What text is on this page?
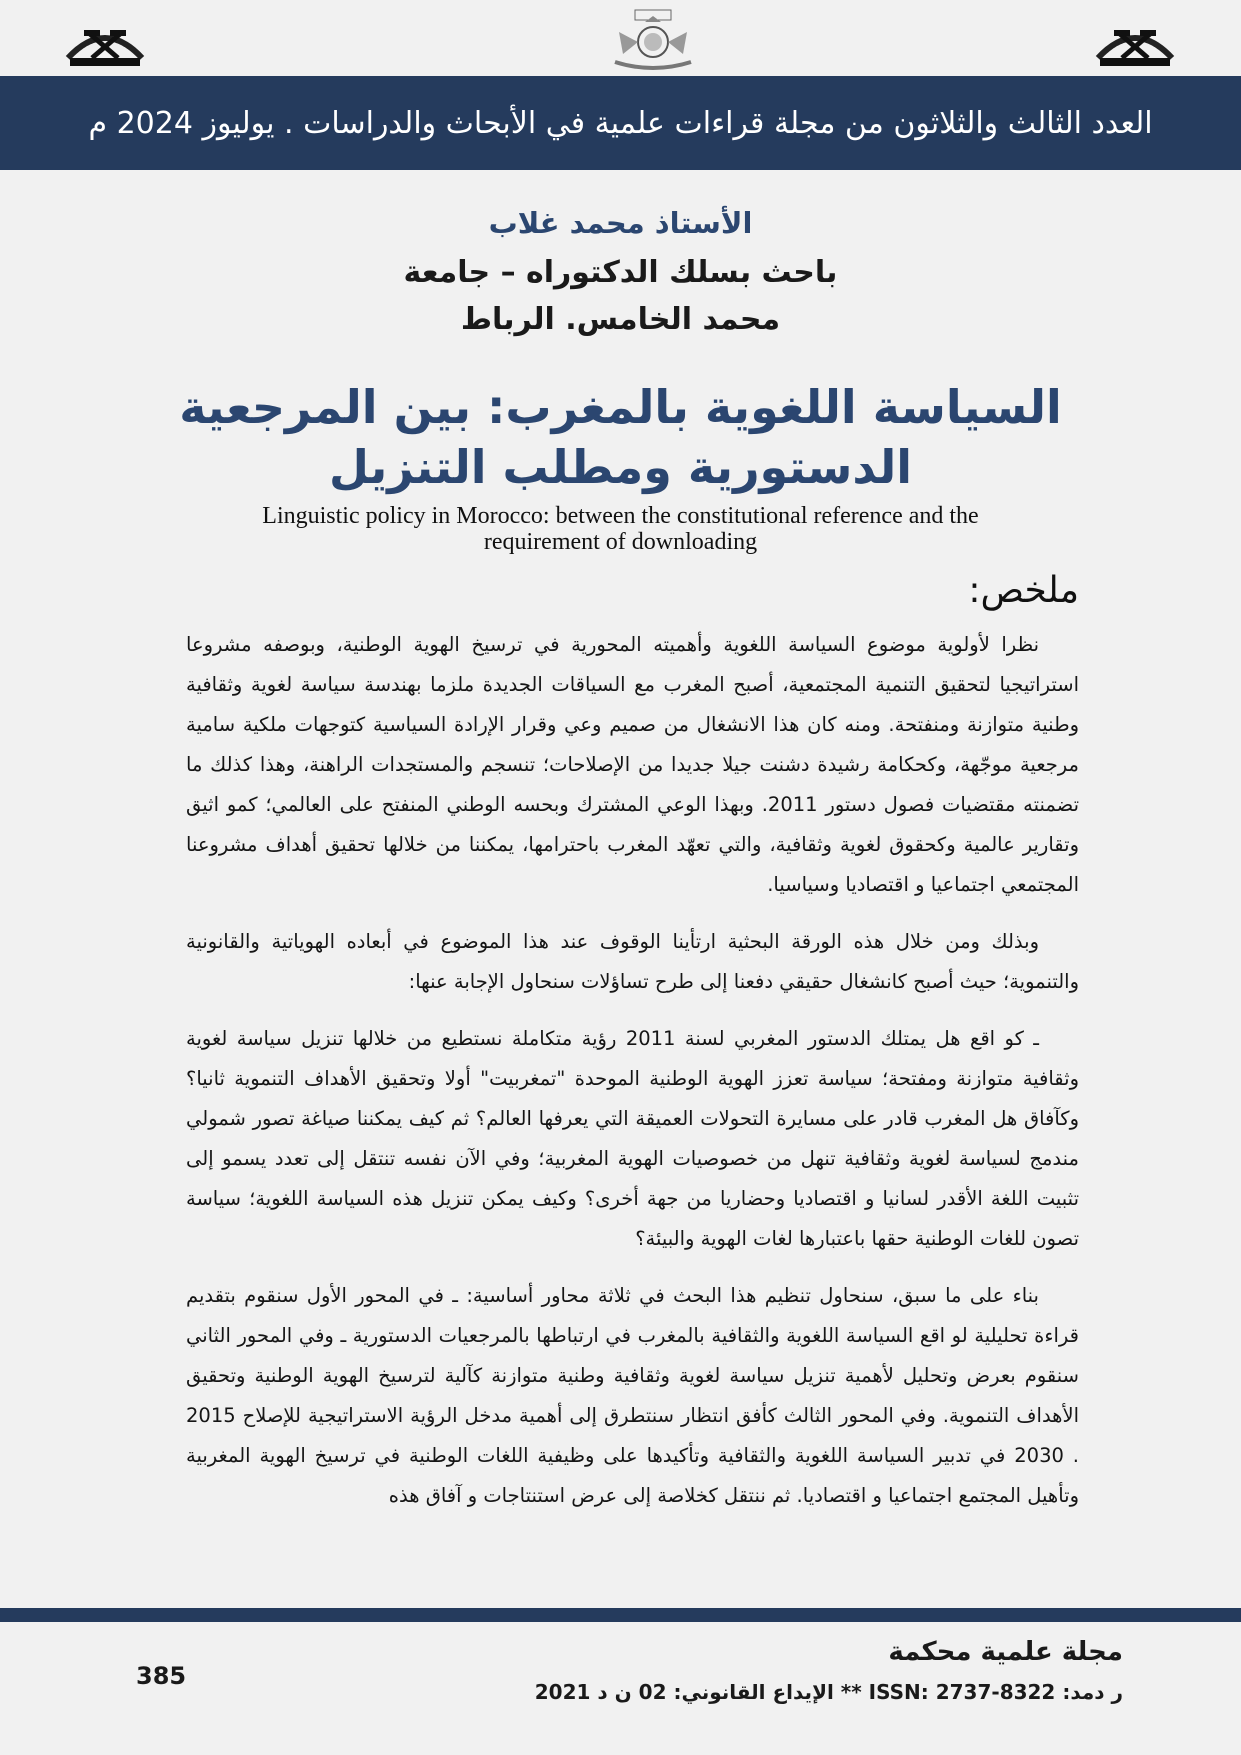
العدد الثالث والثلاثون من مجلة قراءات علمية في الأبحاث والدراسات . يوليوز 2024 م
الأستاذ محمد غلاب
باحث بسلك الدكتوراه – جامعة
محمد الخامس. الرباط
السياسة اللغوية بالمغرب: بين المرجعية
الدستورية ومطلب التنزيل
Linguistic policy in Morocco: between the constitutional reference and the
requirement of downloading
ملخص:

نظرا لأولوية موضوع السياسة اللغوية وأهميته المحورية في ترسيخ الهوية الوطنية، وبوصفه مشروعا استراتيجيا لتحقيق التنمية المجتمعية، أصبح المغرب مع السياقات الجديدة ملزما بهندسة سياسة لغوية وثقافية وطنية متوازنة ومنفتحة. ومنه كان هذا الانشغال من صميم وعي وقرار الإرادة السياسية كتوجهات ملكية سامية مرجعية موجّهة، وكحكامة رشيدة دشنت جيلا جديدا من الإصلاحات؛ تنسجم والمستجدات الراهنة، وهذا كذلك ما تضمنته مقتضيات فصول دستور 2011. وبهذا الوعي المشترك وبحسه الوطني المنفتح على العالمي؛ كمو اثيق وتقارير عالمية وكحقوق لغوية وثقافية، والتي تعهّد المغرب باحترامها، يمكننا من خلالها تحقيق أهداف مشروعنا المجتمعي اجتماعيا و اقتصاديا وسياسيا.

وبذلك ومن خلال هذه الورقة البحثية ارتأينا الوقوف عند هذا الموضوع في أبعاده الهوياتية والقانونية والتنموية؛ حيث أصبح كانشغال حقيقي دفعنا إلى طرح تساؤلات سنحاول الإجابة عنها:

ـ كو اقع هل يمتلك الدستور المغربي لسنة 2011 رؤية متكاملة نستطيع من خلالها تنزيل سياسة لغوية وثقافية متوازنة ومفتحة؛ سياسة تعزز الهوية الوطنية الموحدة "تمغربيت" أولا وتحقيق الأهداف التنموية ثانيا؟ وكآفاق هل المغرب قادر على مسايرة التحولات العميقة التي يعرفها العالم؟ ثم كيف يمكننا صياغة تصور شمولي مندمج لسياسة لغوية وثقافية تنهل من خصوصيات الهوية المغربية؛ وفي الآن نفسه تنتقل إلى تعدد يسمو إلى تثبيت اللغة الأقدر لسانيا و اقتصاديا وحضاريا من جهة أخرى؟ وكيف يمكن تنزيل هذه السياسة اللغوية؛ سياسة تصون للغات الوطنية حقها باعتبارها لغات الهوية والبيئة؟

بناء على ما سبق، سنحاول تنظيم هذا البحث في ثلاثة محاور أساسية: ـ في المحور الأول سنقوم بتقديم قراءة تحليلية لو اقع السياسة اللغوية والثقافية بالمغرب في ارتباطها بالمرجعيات الدستورية ـ وفي المحور الثاني سنقوم بعرض وتحليل لأهمية تنزيل سياسة لغوية وثقافية وطنية متوازنة كآلية لترسيخ الهوية الوطنية وتحقيق الأهداف التنموية. وفي المحور الثالث كأفق انتظار سنتطرق إلى أهمية مدخل الرؤية الاستراتيجية للإصلاح 2015 . 2030 في تدبير السياسة اللغوية والثقافية وتأكيدها على وظيفية اللغات الوطنية في ترسيخ الهوية المغربية وتأهيل المجتمع اجتماعيا و اقتصاديا. ثم ننتقل كخلاصة إلى عرض استنتاجات و آفاق هذه

مجلة علمية محكمة
ر دمد: ISSN: 2737-8322 ** الإيداع القانوني: 02 ن د 2021
385
